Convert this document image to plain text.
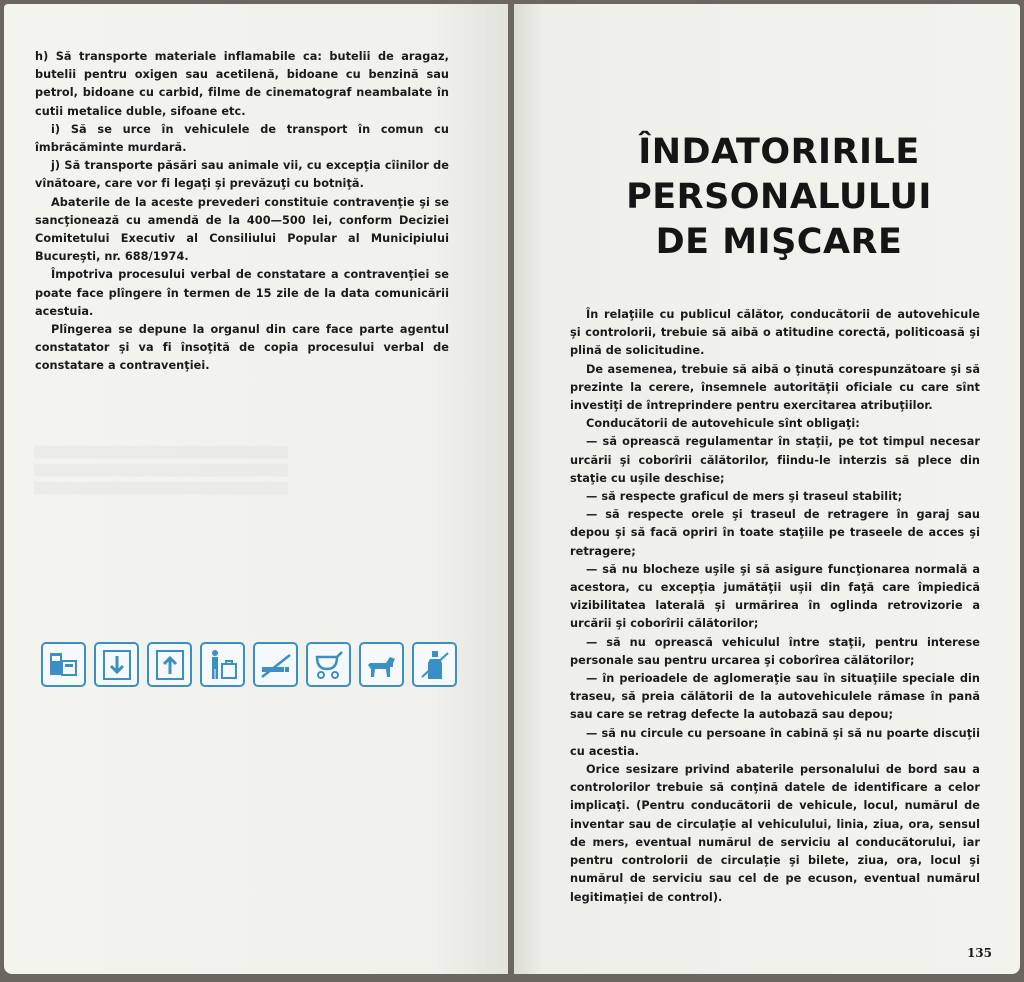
▒▒▒▒▒▒▒▒▒▒▒▒▒▒▒▒▒▒▒▒▒▒▒▒▒▒▒▒▒▒
▒▒▒▒▒▒▒▒▒▒▒▒▒▒▒▒▒▒▒▒▒▒▒▒▒▒▒▒▒▒
▒▒▒▒▒▒▒▒▒▒▒▒▒▒▒▒▒▒▒▒▒▒▒▒▒▒▒▒▒▒

h) Să transporte materiale inflamabile ca: butelii de aragaz, butelii pentru oxigen sau acetilenă, bidoane cu benzină sau petrol, bidoane cu carbid, filme de cinematograf neambalate în cutii metalice duble, sifoane etc.

i) Să se urce în vehiculele de transport în comun cu îmbrăcăminte murdară.

j) Să transporte păsări sau animale vii, cu excepţia cîinilor de vînătoare, care vor fi legaţi şi prevăzuţi cu botniţă.

Abaterile de la aceste prevederi constituie contravenţie şi se sancţionează cu amendă de la 400—500 lei, conform Deciziei Comitetului Executiv al Consiliului Popular al Municipiului Bucureşti, nr. 688/1974.

Împotriva procesului verbal de constatare a contravenţiei se poate face plîngere în termen de 15 zile de la data comunicării acestuia.

Plîngerea se depune la organul din care face parte agentul constatator şi va fi însoţită de copia procesului verbal de constatare a contravenţiei.

ÎNDATORIRILE
PERSONALULUI
DE MIŞCARE

În relaţiile cu publicul călător, conducătorii de autovehicule şi controlorii, trebuie să aibă o atitudine corectă, politicoasă şi plină de solicitudine.

De asemenea, trebuie să aibă o ţinută corespunzătoare şi să prezinte la cerere, însemnele autorităţii oficiale cu care sînt investiţi de întreprindere pentru exercitarea atribuţiilor.

Conducătorii de autovehicule sînt obligaţi:

— să oprească regulamentar în staţii, pe tot timpul necesar urcării şi coborîrii călătorilor, fiindu-le interzis să plece din staţie cu uşile deschise;

— să respecte graficul de mers şi traseul stabilit;

— să respecte orele şi traseul de retragere în garaj sau depou şi să facă opriri în toate staţiile pe traseele de acces şi retragere;

— să nu blocheze uşile şi să asigure funcţionarea normală a acestora, cu excepţia jumătăţii uşii din faţă care împiedică vizibilitatea laterală şi urmărirea în oglinda retrovizorie a urcării şi coborîrii călătorilor;

— să nu oprească vehiculul între staţii, pentru interese personale sau pentru urcarea şi coborîrea călătorilor;

— în perioadele de aglomeraţie sau în situaţiile speciale din traseu, să preia călătorii de la autovehiculele rămase în pană sau care se retrag defecte la autobază sau depou;

— să nu circule cu persoane în cabină şi să nu poarte discuţii cu acestia.

Orice sesizare privind abaterile personalului de bord sau a controlorilor trebuie să conţină datele de identificare a celor implicaţi. (Pentru conducătorii de vehicule, locul, numărul de inventar sau de circulaţie al vehiculului, linia, ziua, ora, sensul de mers, eventual numărul de serviciu al conducătorului, iar pentru controlorii de circulaţie şi bilete, ziua, ora, locul şi numărul de serviciu sau cel de pe ecuson, eventual numărul legitimaţiei de control).

135
